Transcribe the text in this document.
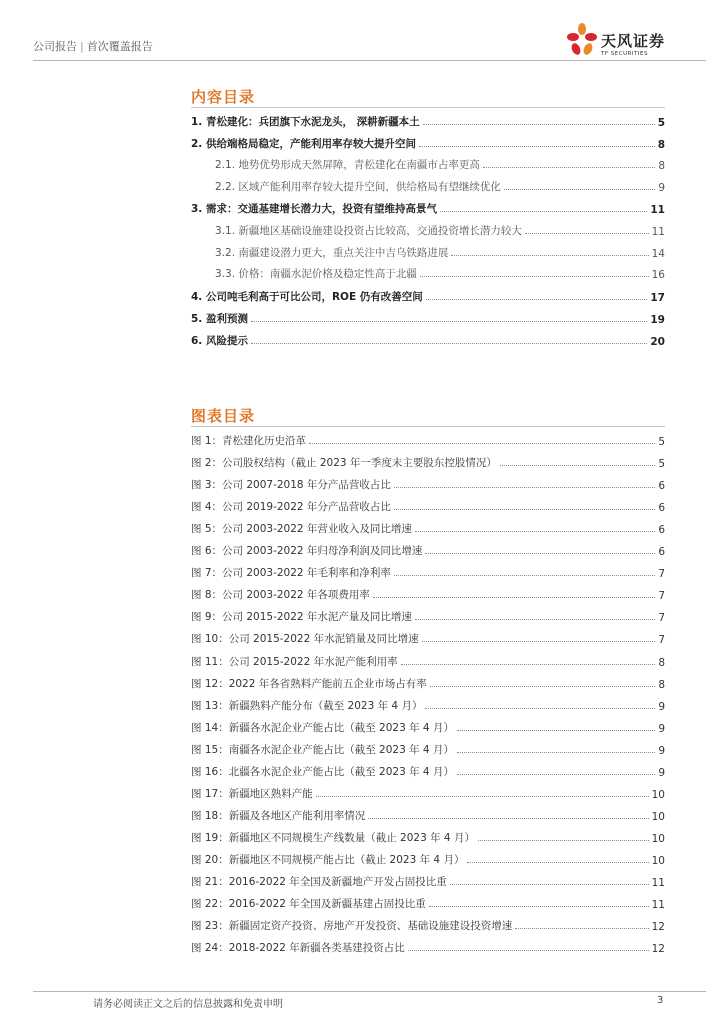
公司报告 | 首次覆盖报告	天风证券
TF SECURITIES
内容目录
1. 青松建化：兵团旗下水泥龙头， 深耕新疆本土	5
2. 供给端格局稳定，产能利用率存较大提升空间	8
2.1. 地势优势形成天然屏障，青松建化在南疆市占率更高	8
2.2. 区域产能利用率存较大提升空间，供给格局有望继续优化	9
3. 需求：交通基建增长潜力大，投资有望维持高景气	11
3.1. 新疆地区基础设施建设投资占比较高，交通投资增长潜力较大	11
3.2. 南疆建设潜力更大，重点关注中吉乌铁路进展	14
3.3. 价格：南疆水泥价格及稳定性高于北疆	16
4. 公司吨毛利高于可比公司，ROE 仍有改善空间	17
5. 盈利预测	19
6. 风险提示	20
图表目录
图 1：青松建化历史沿革	5
图 2：公司股权结构（截止 2023 年一季度末主要股东控股情况）	5
图 3：公司 2007-2018 年分产品营收占比	6
图 4：公司 2019-2022 年分产品营收占比	6
图 5：公司 2003-2022 年营业收入及同比增速	6
图 6：公司 2003-2022 年归母净利润及同比增速	6
图 7：公司 2003-2022 年毛利率和净利率	7
图 8：公司 2003-2022 年各项费用率	7
图 9：公司 2015-2022 年水泥产量及同比增速	7
图 10：公司 2015-2022 年水泥销量及同比增速	7
图 11：公司 2015-2022 年水泥产能利用率	8
图 12：2022 年各省熟料产能前五企业市场占有率	8
图 13：新疆熟料产能分布（截至 2023 年 4 月）	9
图 14：新疆各水泥企业产能占比（截至 2023 年 4 月）	9
图 15：南疆各水泥企业产能占比（截至 2023 年 4 月）	9
图 16：北疆各水泥企业产能占比（截至 2023 年 4 月）	9
图 17：新疆地区熟料产能	10
图 18：新疆及各地区产能利用率情况	10
图 19：新疆地区不同规模生产线数量（截止 2023 年 4 月）	10
图 20：新疆地区不同规模产能占比（截止 2023 年 4 月）	10
图 21：2016-2022 年全国及新疆地产开发占固投比重	11
图 22：2016-2022 年全国及新疆基建占固投比重	11
图 23：新疆固定资产投资、房地产开发投资、基础设施建设投资增速	12
图 24：2018-2022 年新疆各类基建投资占比	12
请务必阅读正文之后的信息披露和免责申明	3
